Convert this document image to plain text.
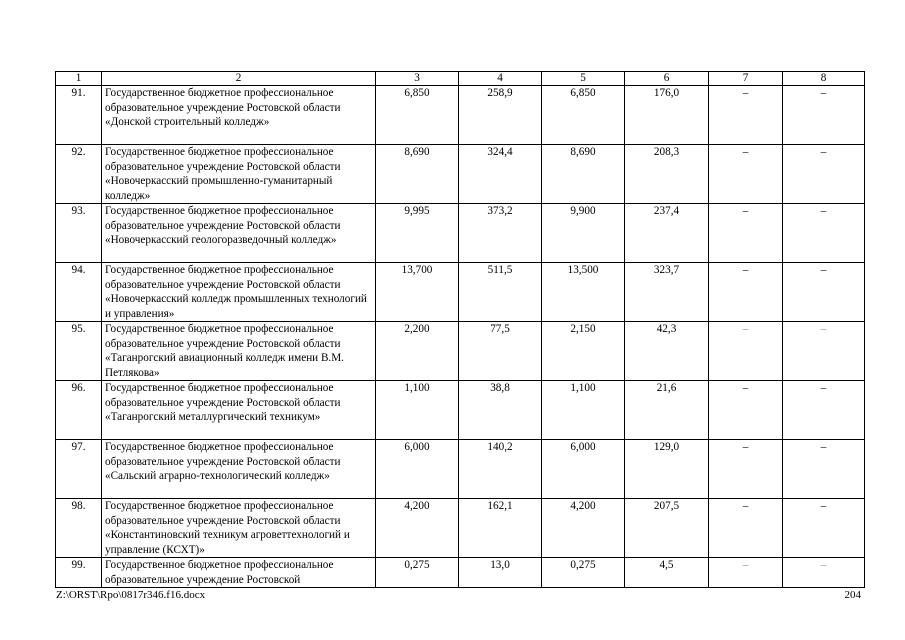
1	2	3	4	5	6	7	8
91.	Государственное бюджетное профессиональное образовательное учреждение Ростовской области «Донской строительный колледж»	6,850	258,9	6,850	176,0	–	–
92.	Государственное бюджетное профессиональное образовательное учреждение Ростовской области «Новочеркасский промышленно-гуманитарный колледж»	8,690	324,4	8,690	208,3	–	–
93.	Государственное бюджетное профессиональное образовательное учреждение Ростовской области «Новочеркасский геологоразведочный колледж»	9,995	373,2	9,900	237,4	–	–
94.	Государственное бюджетное профессиональное образовательное учреждение Ростовской области «Новочеркасский колледж промышленных технологий и управления»	13,700	511,5	13,500	323,7	–	–
95.	Государственное бюджетное профессиональное образовательное учреждение Ростовской области «Таганрогский авиационный колледж имени В.М. Петлякова»	2,200	77,5	2,150	42,3	–	–
96.	Государственное бюджетное профессиональное образовательное учреждение Ростовской области «Таганрогский металлургический техникум»	1,100	38,8	1,100	21,6	–	–
97.	Государственное бюджетное профессиональное образовательное учреждение Ростовской области «Сальский аграрно-технологический колледж»	6,000	140,2	6,000	129,0	–	–
98.	Государственное бюджетное профессиональное образовательное учреждение Ростовской области «Константиновский техникум агроветтехнологий и управление (КСХТ)»	4,200	162,1	4,200	207,5	–	–
99.	Государственное бюджетное профессиональное образовательное учреждение Ростовской	0,275	13,0	0,275	4,5	–	–
Z:\ORST\Rpo\0817r346.f16.docx	204
